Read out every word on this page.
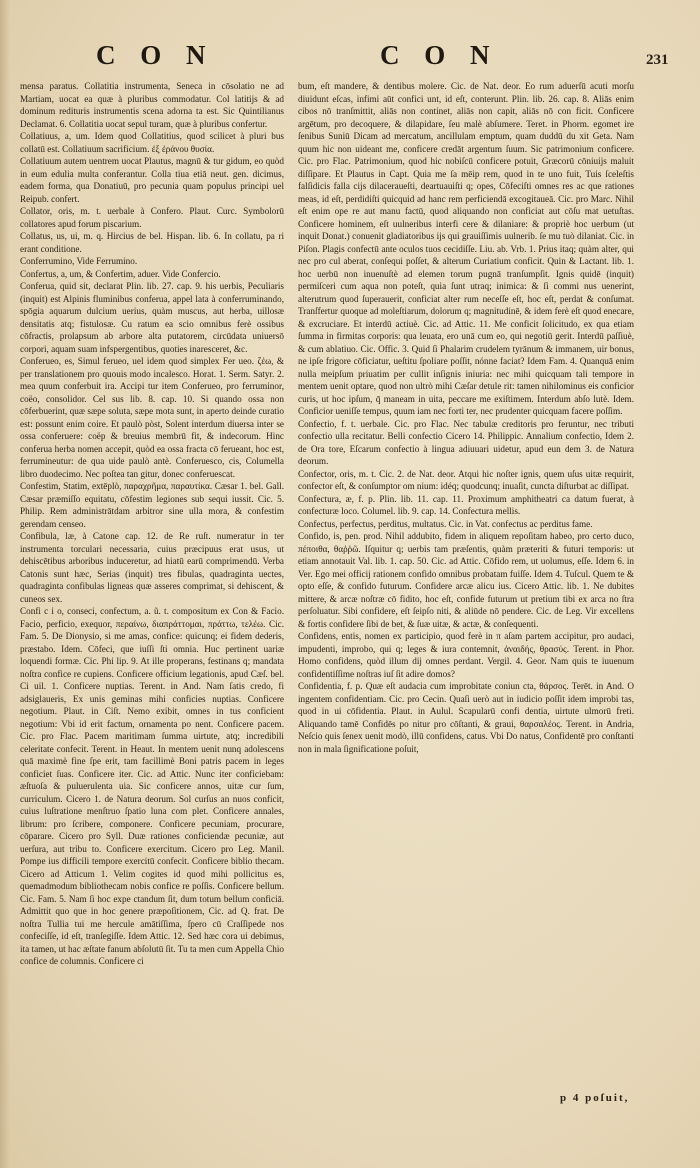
C O N	C O N	231

mensa paratus. Collatitia instrumenta, Seneca in cōsolatio ne ad Martiam, uocat ea quæ à pluribus commodatur. Col latitijs & ad dominum redituris instrumentis scena adorna ta est. Sic Quintilianus Declamat. 6. Collatitia uocat sepul turam, quæ à pluribus confertur.

Collatiuus, a, um. Idem quod Collatitius, quod scilicet à pluri bus collatū est. Collatiuum sacrificium. ἐξ ἐράνου θυσία.

Collatiuum autem uentrem uocat Plautus, magnū & tur gidum, eo quòd in eum edulia multa conferantur. Colla tiua etiā neut. gen. dicimus, eadem forma, qua Donatiuū, pro pecunia quam populus principi uel Reipub. confert.

Collator, oris, m. t. uerbale à Confero. Plaut. Curc. Symbolorū collatores apud forum piscarium.

Collatus, us, ui, m. q. Hircius de bel. Hispan. lib. 6. In collatu, pa ri erant conditione.

Conferrumino, Vide Ferrumino.

Confertus, a, um, & Confertim, aduer. Vide Confercio.

Conferua, quid sit, declarat Plin. lib. 27. cap. 9. his uerbis, Peculiaris (inquit) est Alpinis fluminibus conferua, appel lata à conferruminando, spōgia aquarum dulcium uerius, quàm muscus, aut herba, uillosæ densitatis atq; fistulosæ. Cu ratum ea scio omnibus ferè ossibus cōfractis, prolapsum ab arbore alta putatorem, circūdata uniuersō corpori, aquam suam infspergentibus, quoties inaresceret, &c.

Conferueo, es, Simul ferueo, uel idem quod simplex Fer ueo. ζέω, & per translationem pro quouis modo incalesco. Horat. 1. Serm. Satyr. 2. mea quum conferbuit ira. Accipi tur item Conferueo, pro ferruminor, coëo, consolidor. Cel sus lib. 8. cap. 10. Si quando ossa non cōferbuerint, quæ sæpe soluta, sæpe mota sunt, in aperto deinde curatio est: possunt enim coire. Et paulò pòst, Solent interdum diuersa inter se ossa conferuere: coëp & breuius membrū fit, & indecorum. Hinc conferua herba nomen accepit, quòd ea ossa fracta cō ferueant, hoc est, ferrumineutur: de qua uide paulò antè. Conferuesco, cis, Columella libro duodecimo. Nec poſtea tan gitur, donec conferuescat.

Confestim, Statim, extēplò, παραχρῆμα, παραυτίκα. Cæsar 1. bel. Gall. Cæsar præmiſſo equitatu, cōfestim legiones sub sequi iussit. Cic. 5. Philip. Rem administrātdam arbitror sine ulla mora, & confestim gerendam censeo.

Confibula, læ, à Catone cap. 12. de Re ruſt. numeratur in ter instrumenta torculari necessaria, cuius præcipuus erat usus, ut dehiscētibus arboribus induceretur, ad hiatū earū comprimendū. Verba Catonis sunt hæc, Serias (inquit) tres fibulas, quadraginta uectes, quadraginta confibulas ligneas quæ asseres comprimat, si dehiscent, & cuneos sex.

Confi c i o, conseci, confectum, a. ũ. t. compositum ex Con & Facio. Facio, perficio, exequor, περαίνω, διαπράττομαι, πράττω, τελέω. Cic. Fam. 5. De Dionysio, si me amas, confice: quicunq; ei fidem dederis, præstabo. Idem. Cōfeci, que iuſſi ſti omnia. Huc pertinent uariæ loquendi formæ. Cic. Phi lip. 9. At ille properans, festinans q; mandata noſtra confice re cupiens. Conficere officium legationis, apud Cæſ. bel. Ci uil. 1. Conficere nuptias. Terent. in And. Nam ſatis credo, fi adsiglaueris, Ex unis geminas mihi conficies nuptias. Conficere negotium. Plaut. in Ciſt. Nemo exibit, omnes in tus conficient negotium: Vbi id erit factum, ornamenta po nent. Conficere pacem. Cic. pro Flac. Pacem maritimam ſumma uirtute, atq; incredibili celeritate confecit. Terent. in Heaut. In mentem uenit nunq adolescens quā maximè fine ſpe erit, tam facillimè Boni patris pacem in leges conficiet ſuas. Conficere iter. Cic. ad Attic. Nunc iter conficiebam: æſtuoſa & puluerulenta uia. Sic conficere annos, uitæ cur ſum, curriculum. Cicero 1. de Natura deorum. Sol curſus an nuos conficit, cuius luſtratione menſtruo ſpatio luna com plet. Conficere annales, librum: pro ſcribere, componere. Conficere pecuniam, procurare, cōparare. Cicero pro Syll. Duæ rationes conficiendæ pecuniæ, aut uerſura, aut tribu to. Conficere exercitum. Cicero pro Leg. Manil. Pompe ius difficili tempore exercitū confecit. Conficere biblio thecam. Cicero ad Atticum 1. Velim cogites id quod mihi pollicitus es, quemadmodum bibliothecam nobis confice re poſſis. Conficere bellum. Cic. Fam. 5. Nam ſi hoc expe ctandum ſit, dum totum bellum conficiā. Admittit quo que in hoc genere præpoſitionem, Cic. ad Q. frat. De noſtra Tullia tui me hercule amātiſſima, ſpero cū Craſſipede nos confeciſſe, id eſt, tranſegiſſe. Idem Attic. 12. Sed hæc cora ui debimus, ita tamen, ut hac æſtate fanum abſolutū ſit. Tu ta men cum Appella Chio confice de columnis. Conficere ci

bum, eſt mandere, & dentibus molere. Cic. de Nat. deor. Eo rum aduerſū acuti morſu diuidunt eſcas, infimi aūt confici unt, id eſt, conterunt. Plin. lib. 26. cap. 8. Aliās enim cibos nō tranſmittit, aliās non continet, aliās non capit, aliās nō con ficit. Conficere argētum, pro decoquere, & dilapidare, ſeu malè abſumere. Teret. in Phorm. egomet ire ſenibus Suniū Dicam ad mercatum, ancillulam emptum, quam duddū du xit Geta. Nam quum hic non uideant me, conficere credāt argentum ſuum. Sic patrimonium conficere. Cic. pro Flac. Patrimonium, quod hic nobiſcū conficere potuit, Græcorū cōniuijs maluit diſſipare. Et Plautus in Capt. Quia me ſa mēip rem, quod in te uno fuit, Tuis ſceleſtis falſidicis falla cijs dilaceraueſti, deartuauiſti q; opes, Cōfeciſti omnes res ac que rationes meas, id eſt, perdidiſti quicquid ad hanc rem perficiendā excogitaueā. Cic. pro Marc. Nihil eſt enim ope re aut manu factū, quod aliquando non conficiat aut cōſu mat uetuſtas. Conficere hominem, eſt uulneribus interfi cere & dilaniare: & propriè hoc uerbum (ut inquit Donat.) conuenit gladiatoribus ijs qui grauiſſimis uulnerib. ſe mu tuò dilaniat. Cic. in Piſon. Plagis confectū ante oculos tuos cecidiſſe. Liu. ab. Vrb. 1. Prius itaq; quàm alter, qui nec pro cul aberat, conſequi poſſet, & alterum Curiatium conficit. Quin & Lactant. lib. 1. hoc uerbū non inuenuſtè ad elemen torum pugnā tranſumpſit. Ignis quidē (inquit) permiſceri cum aqua non poteſt, quia ſunt utraq; inimica: & ſi commi nus uenerint, alterutrum quod ſuperauerit, conficiat alter rum neceſſe eſt, hoc eſt, perdat & conſumat. Tranſfertur quoque ad moleſtiarum, dolorum q; magnitudinē, & idem ferè eſt quod enecare, & excruciare. Et interdū actiuè. Cic. ad Attic. 11. Me conficit ſolicitudo, ex qua etiam ſumma in firmitas corporis: qua leuata, ero unā cum eo, qui negotiū gerit. Interdū paſſiuè, & cum ablatiuo. Cic. Offic. 3. Quid ſi Phalarim crudelem tyrānum & immanem, uir bonus, ne ipſe frigore cōficiatur, ueſtitu ſpoliare poſſit, nónne faciat? Idem Fam. 4. Quanquā enim nulla meipſum priuatim per cullit inſignis iniuria: nec mihi quicquam tali tempore in mentem uenit optare, quod non ultrò mihi Cæſar detule rit: tamen nihilominus eis conficior curis, ut hoc ipſum, q̄ maneam in uita, peccare me exiſtimem. Interdum abſo lutè. Idem. Conficior ueniſſe tempus, quum iam nec forti ter, nec prudenter quicquam facere poſſim.

Confectio, f. t. uerbale. Cic. pro Flac. Nec tabulæ creditoris pro feruntur, nec tributi confectio ulla recitatur. Belli confectio Cicero 14. Philippic. Annalium confectio, Idem 2. de Ora tore, Eſcarum confectio à lingua adiuuari uidetur, apud eun dem 3. de Natura deorum.

Confector, oris, m. t. Cic. 2. de Nat. deor. Atqui hic noſter ignis, quem uſus uitæ requirit, confector eſt, & conſumptor om nium: idéq; quodcunq; inuaſit, cuncta diſturbat ac diſſipat.

Confectura, æ, f. p. Plin. lib. 11. cap. 11. Proximum amphitheatri ca datum fuerat, à confecturæ loco. Columel. lib. 9. cap. 14. Confectura mellis.

Confectus, perfectus, perditus, multatus. Cic. in Vat. confectus ac perditus fame.

Confido, is, pen. prod. Nihil addubito, fidem in aliquem repoſitam habeo, pro certo duco, πέποιθα, θαῤῥῶ. Iſquitur q; uerbis tam præſentis, quàm præteriti & futuri temporis: ut etiam annotauit Val. lib. 1. cap. 50. Cic. ad Attic. Cōfido rem, ut uolumus, eſſe. Idem 6. in Ver. Ego mei officij rationem confido omnibus probatam fuiſſe. Idem 4. Tuſcul. Quem te & opto eſſe, & confido futurum. Confidere arcæ alicu ius. Cicero Attic. lib. 1. Ne dubites mittere, & arcæ noſtræ cō fidito, hoc eſt, confide futurum ut pretium tibi ex arca no ſtra perſoluatur. Sibi confidere, eſt ſeipſo niti, & aliūde nō pendere. Cic. de Leg. Vir excellens & fortis confidere ſibi de bet, & ſuæ uitæ, & actæ, & conſequenti.

Confidens, entis, nomen ex participio, quod ferè in π aſam partem accipitur, pro audaci, impudenti, improbo, qui q; leges & iura contemnit, ἀναιδής, θρασύς. Terent. in Phor. Homo confidens, quòd illum dij omnes perdant. Vergil. 4. Geor. Nam quis te iuuenum confidentiſſime noſtras iuſ ſit adire domos?

Confidentia, f. p. Quæ eſt audacia cum improbitate coniun cta, θάρσος. Terēt. in And. O ingentem confidentiam. Cic. pro Cecin. Quaſi uerò aut in iudicio poſſit idem improbi tas, quod in ui cōfidentia. Plaut. in Aulul. Scapularū confi dentia, uirtute ulmorū freti. Aliquando tamē Confidēs po nitur pro cōſtanti, & graui, θαρσαλέος. Terent. in Andria, Neſcio quis ſenex uenit modò, illū confidens, catus. Vbi Do natus, Confidentē pro conſtanti non in mala ſignificatione poſuit,

p 4 poſuit,
